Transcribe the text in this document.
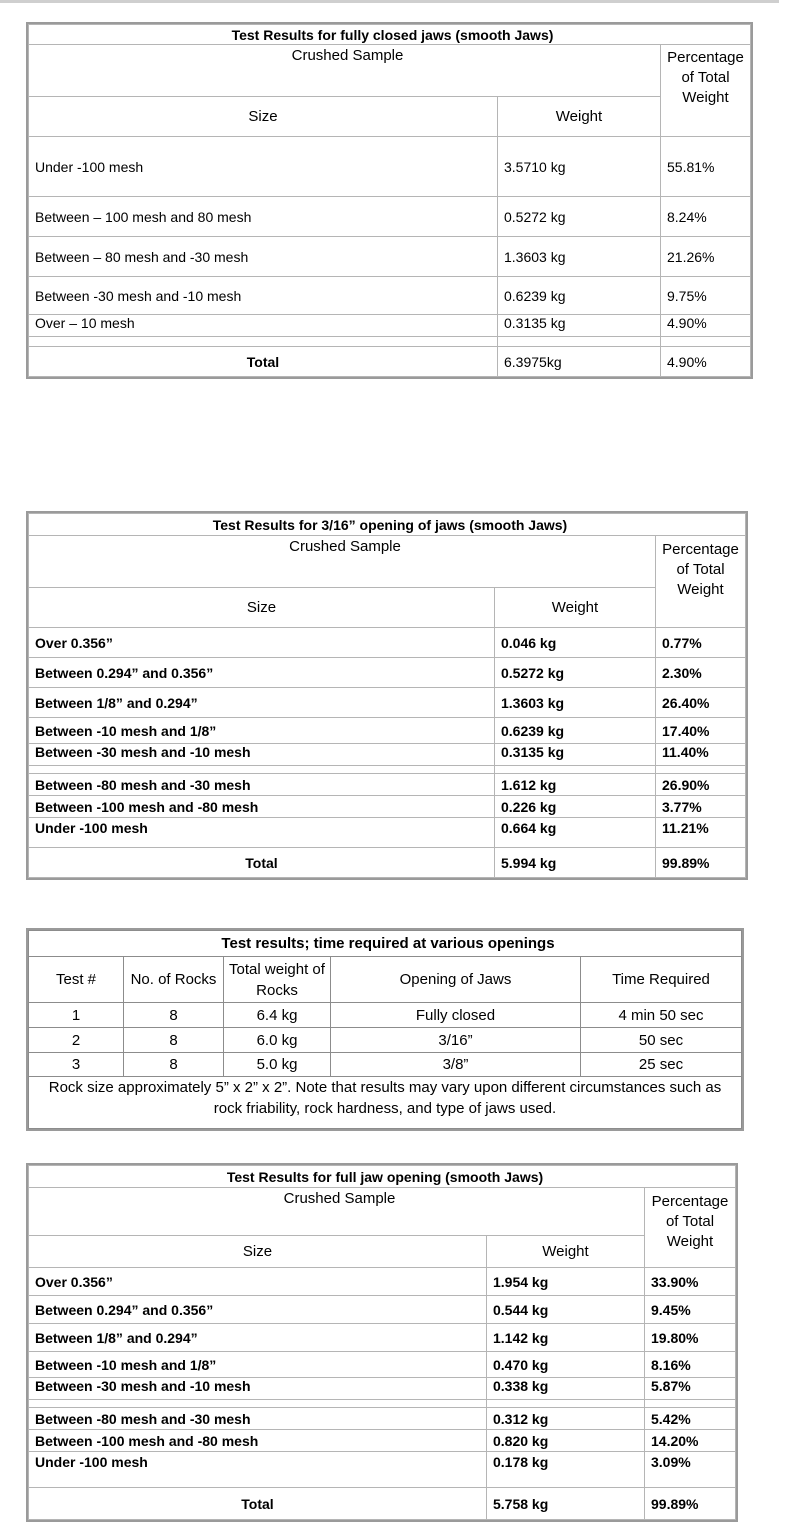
Test Results for fully closed jaws (smooth Jaws)		
Crushed Sample		Percentage of Total Weight
Size	Weight	
Under -100 mesh	3.5710 kg	55.81%
Between – 100 mesh and 80 mesh	0.5272 kg	8.24%
Between – 80 mesh and -30 mesh	1.3603 kg	21.26%
Between -30 mesh and -10 mesh	0.6239 kg	9.75%
Over – 10 mesh	0.3135 kg	4.90%

Total	6.3975kg	4.90%
Test Results for 3/16” opening of jaws (smooth Jaws)		
Crushed Sample		Percentage of Total Weight
Size	Weight	
Over 0.356”	0.046 kg	0.77%
Between 0.294” and 0.356”	0.5272 kg	2.30%
Between 1/8” and 0.294”	1.3603 kg	26.40%
Between -10 mesh and 1/8”	0.6239 kg	17.40%
Between -30 mesh and -10 mesh	0.3135 kg	11.40%

Between -80 mesh and -30 mesh	1.612 kg	26.90%
Between -100 mesh and -80 mesh	0.226 kg	3.77%
Under -100 mesh	0.664 kg	11.21%
Total	5.994 kg	99.89%
Test results; time required at various openings				
Test #	No. of Rocks	Total weight of Rocks	Opening of Jaws	Time Required
1	8	6.4 kg	Fully closed	4 min 50 sec
2	8	6.0 kg	3/16”	50 sec
3	8	5.0 kg	3/8”	25 sec
Rock size approximately 5” x 2” x 2”. Note that results may vary upon different circumstances such as rock friability, rock hardness, and type of jaws used.				
Test Results for full jaw opening (smooth Jaws)		
Crushed Sample		Percentage of Total Weight
Size	Weight	
Over 0.356”	1.954 kg	33.90%
Between 0.294” and 0.356”	0.544 kg	9.45%
Between 1/8” and 0.294”	1.142 kg	19.80%
Between -10 mesh and 1/8”	0.470 kg	8.16%
Between -30 mesh and -10 mesh	0.338 kg	5.87%

Between -80 mesh and -30 mesh	0.312 kg	5.42%
Between -100 mesh and -80 mesh	0.820 kg	14.20%
Under -100 mesh	0.178 kg	3.09%
Total	5.758 kg	99.89%
